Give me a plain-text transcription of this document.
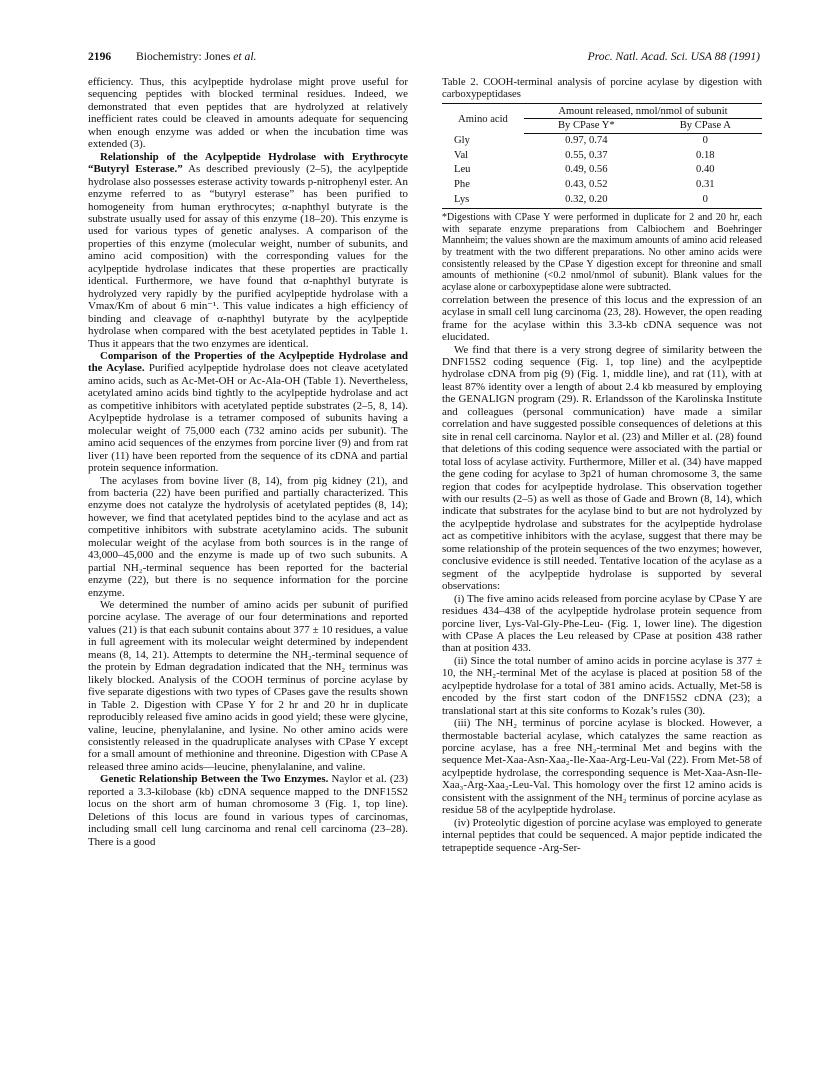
2196 Biochemistry: Jones et al.	Proc. Natl. Acad. Sci. USA 88 (1991)

efficiency. Thus, this acylpeptide hydrolase might prove useful for sequencing peptides with blocked terminal residues. Indeed, we demonstrated that even peptides that are hydrolyzed at relatively inefficient rates could be cleaved in amounts adequate for sequencing when enough enzyme was added or when the incubation time was extended (3).

Relationship of the Acylpeptide Hydrolase with Erythrocyte “Butyryl Esterase.” As described previously (2–5), the acylpeptide hydrolase also possesses esterase activity towards p-nitrophenyl ester. An enzyme referred to as “butyryl esterase” has been purified to homogeneity from human erythrocytes; α-naphthyl butyrate is the substrate usually used for assay of this enzyme (18–20). This enzyme is used for various types of genetic analyses. A comparison of the properties of this enzyme (molecular weight, number of subunits, and amino acid composition) with the corresponding values for the acylpeptide hydrolase indicates that these properties are practically identical. Furthermore, we have found that α-naphthyl butyrate is hydrolyzed very rapidly by the purified acylpeptide hydrolase with a Vmax/Km of about 6 min⁻¹. This value indicates a high efficiency of binding and cleavage of α-naphthyl butyrate by the acylpeptide hydrolase when compared with the best acetylated peptides in Table 1. Thus it appears that the two enzymes are identical.

Comparison of the Properties of the Acylpeptide Hydrolase and the Acylase. Purified acylpeptide hydrolase does not cleave acetylated amino acids, such as Ac-Met-OH or Ac-Ala-OH (Table 1). Nevertheless, acetylated amino acids bind tightly to the acylpeptide hydrolase and act as competitive inhibitors with acetylated peptide substrates (2–5, 8, 14). Acylpeptide hydrolase is a tetramer composed of subunits having a molecular weight of 75,000 each (732 amino acids per subunit). The amino acid sequences of the enzymes from porcine liver (9) and from rat liver (11) have been reported from the sequence of its cDNA and partial protein sequence information.

The acylases from bovine liver (8, 14), from pig kidney (21), and from bacteria (22) have been purified and partially characterized. This enzyme does not catalyze the hydrolysis of acetylated peptides (8, 14); however, we find that acetylated peptides bind to the acylase and act as competitive inhibitors with substrate acetylamino acids. The subunit molecular weight of the acylase from both sources is in the range of 43,000–45,000 and the enzyme is made up of two such subunits. A partial NH₂-terminal sequence has been reported for the bacterial enzyme (22), but there is no sequence information for the porcine enzyme.

We determined the number of amino acids per subunit of purified porcine acylase. The average of our four determinations and reported values (21) is that each subunit contains about 377 ± 10 residues, a value in full agreement with its molecular weight determined by independent means (8, 14, 21). Attempts to determine the NH₂-terminal sequence of the protein by Edman degradation indicated that the NH₂ terminus was likely blocked. Analysis of the COOH terminus of porcine acylase by five separate digestions with two types of CPases gave the results shown in Table 2. Digestion with CPase Y for 2 hr and 20 hr in duplicate reproducibly released five amino acids in good yield; these were glycine, valine, leucine, phenylalanine, and lysine. No other amino acids were consistently released in the quadruplicate analyses with CPase Y except for a small amount of methionine and threonine. Digestion with CPase A released three amino acids—leucine, phenylalanine, and valine.

Genetic Relationship Between the Two Enzymes. Naylor et al. (23) reported a 3.3-kilobase (kb) cDNA sequence mapped to the DNF15S2 locus on the short arm of human chromosome 3 (Fig. 1, top line). Deletions of this locus are found in various types of carcinomas, including small cell lung carcinoma and renal cell carcinoma (23–28). There is a good

Table 2. COOH-terminal analysis of porcine acylase by digestion with carboxypeptidases

Amino acid	Amount released, nmol/nmol of subunit	
	By CPase Y*	By CPase A
Gly	0.97, 0.74	0
Val	0.55, 0.37	0.18
Leu	0.49, 0.56	0.40
Phe	0.43, 0.52	0.31
Lys	0.32, 0.20	0

*Digestions with CPase Y were performed in duplicate for 2 and 20 hr, each with separate enzyme preparations from Calbiochem and Boehringer Mannheim; the values shown are the maximum amounts of amino acid released by treatment with the two different preparations. No other amino acids were consistently released by the CPase Y digestion except for threonine and small amounts of methionine (<0.2 nmol/nmol of subunit). Blank values for the acylase alone or carboxypeptidase alone were subtracted.

correlation between the presence of this locus and the expression of an acylase in small cell lung carcinoma (23, 28). However, the open reading frame for the acylase within this 3.3-kb cDNA sequence was not elucidated.

We find that there is a very strong degree of similarity between the DNF15S2 coding sequence (Fig. 1, top line) and the acylpeptide hydrolase cDNA from pig (9) (Fig. 1, middle line), and rat (11), with at least 87% identity over a length of about 2.4 kb measured by employing the GENALIGN program (29). R. Erlandsson of the Karolinska Institute and colleagues (personal communication) have made a similar correlation and have suggested possible consequences of deletions at this site in renal cell carcinoma. Naylor et al. (23) and Miller et al. (28) found that deletions of this coding sequence were associated with the partial or total loss of acylase activity. Furthermore, Miller et al. (34) have mapped the gene coding for acylase to 3p21 of human chromosome 3, the same region that codes for acylpeptide hydrolase. This observation together with our results (2–5) as well as those of Gade and Brown (8, 14), which indicate that substrates for the acylase bind to but are not hydrolyzed by the acylpeptide hydrolase and substrates for the acylpeptide hydrolase act as competitive inhibitors with the acylase, suggest that there may be some relationship of the protein sequences of the two enzymes; however, conclusive evidence is still needed. Tentative location of the acylase as a segment of the acylpeptide hydrolase is supported by several observations:

(i) The five amino acids released from porcine acylase by CPase Y are residues 434–438 of the acylpeptide hydrolase protein sequence from porcine liver, Lys-Val-Gly-Phe-Leu- (Fig. 1, lower line). The digestion with CPase A places the Leu released by CPase at position 438 rather than at position 433.

(ii) Since the total number of amino acids in porcine acylase is 377 ± 10, the NH₂-terminal Met of the acylase is placed at position 58 of the acylpeptide hydrolase for a total of 381 amino acids. Actually, Met-58 is encoded by the first start codon of the DNF15S2 cDNA (23); a translational start at this site conforms to Kozak’s rules (30).

(iii) The NH₂ terminus of porcine acylase is blocked. However, a thermostable bacterial acylase, which catalyzes the same reaction as porcine acylase, has a free NH₂-terminal Met and begins with the sequence Met-Xaa-Asn-Xaa₂-Ile-Xaa-Arg-Leu-Val (22). From Met-58 of acylpeptide hydrolase, the corresponding sequence is Met-Xaa-Asn-Ile-Xaa₃-Arg-Xaa₂-Leu-Val. This homology over the first 12 amino acids is consistent with the assignment of the NH₂ terminus of porcine acylase as residue 58 of the acylpeptide hydrolase.

(iv) Proteolytic digestion of porcine acylase was employed to generate internal peptides that could be sequenced. A major peptide indicated the tetrapeptide sequence -Arg-Ser-
